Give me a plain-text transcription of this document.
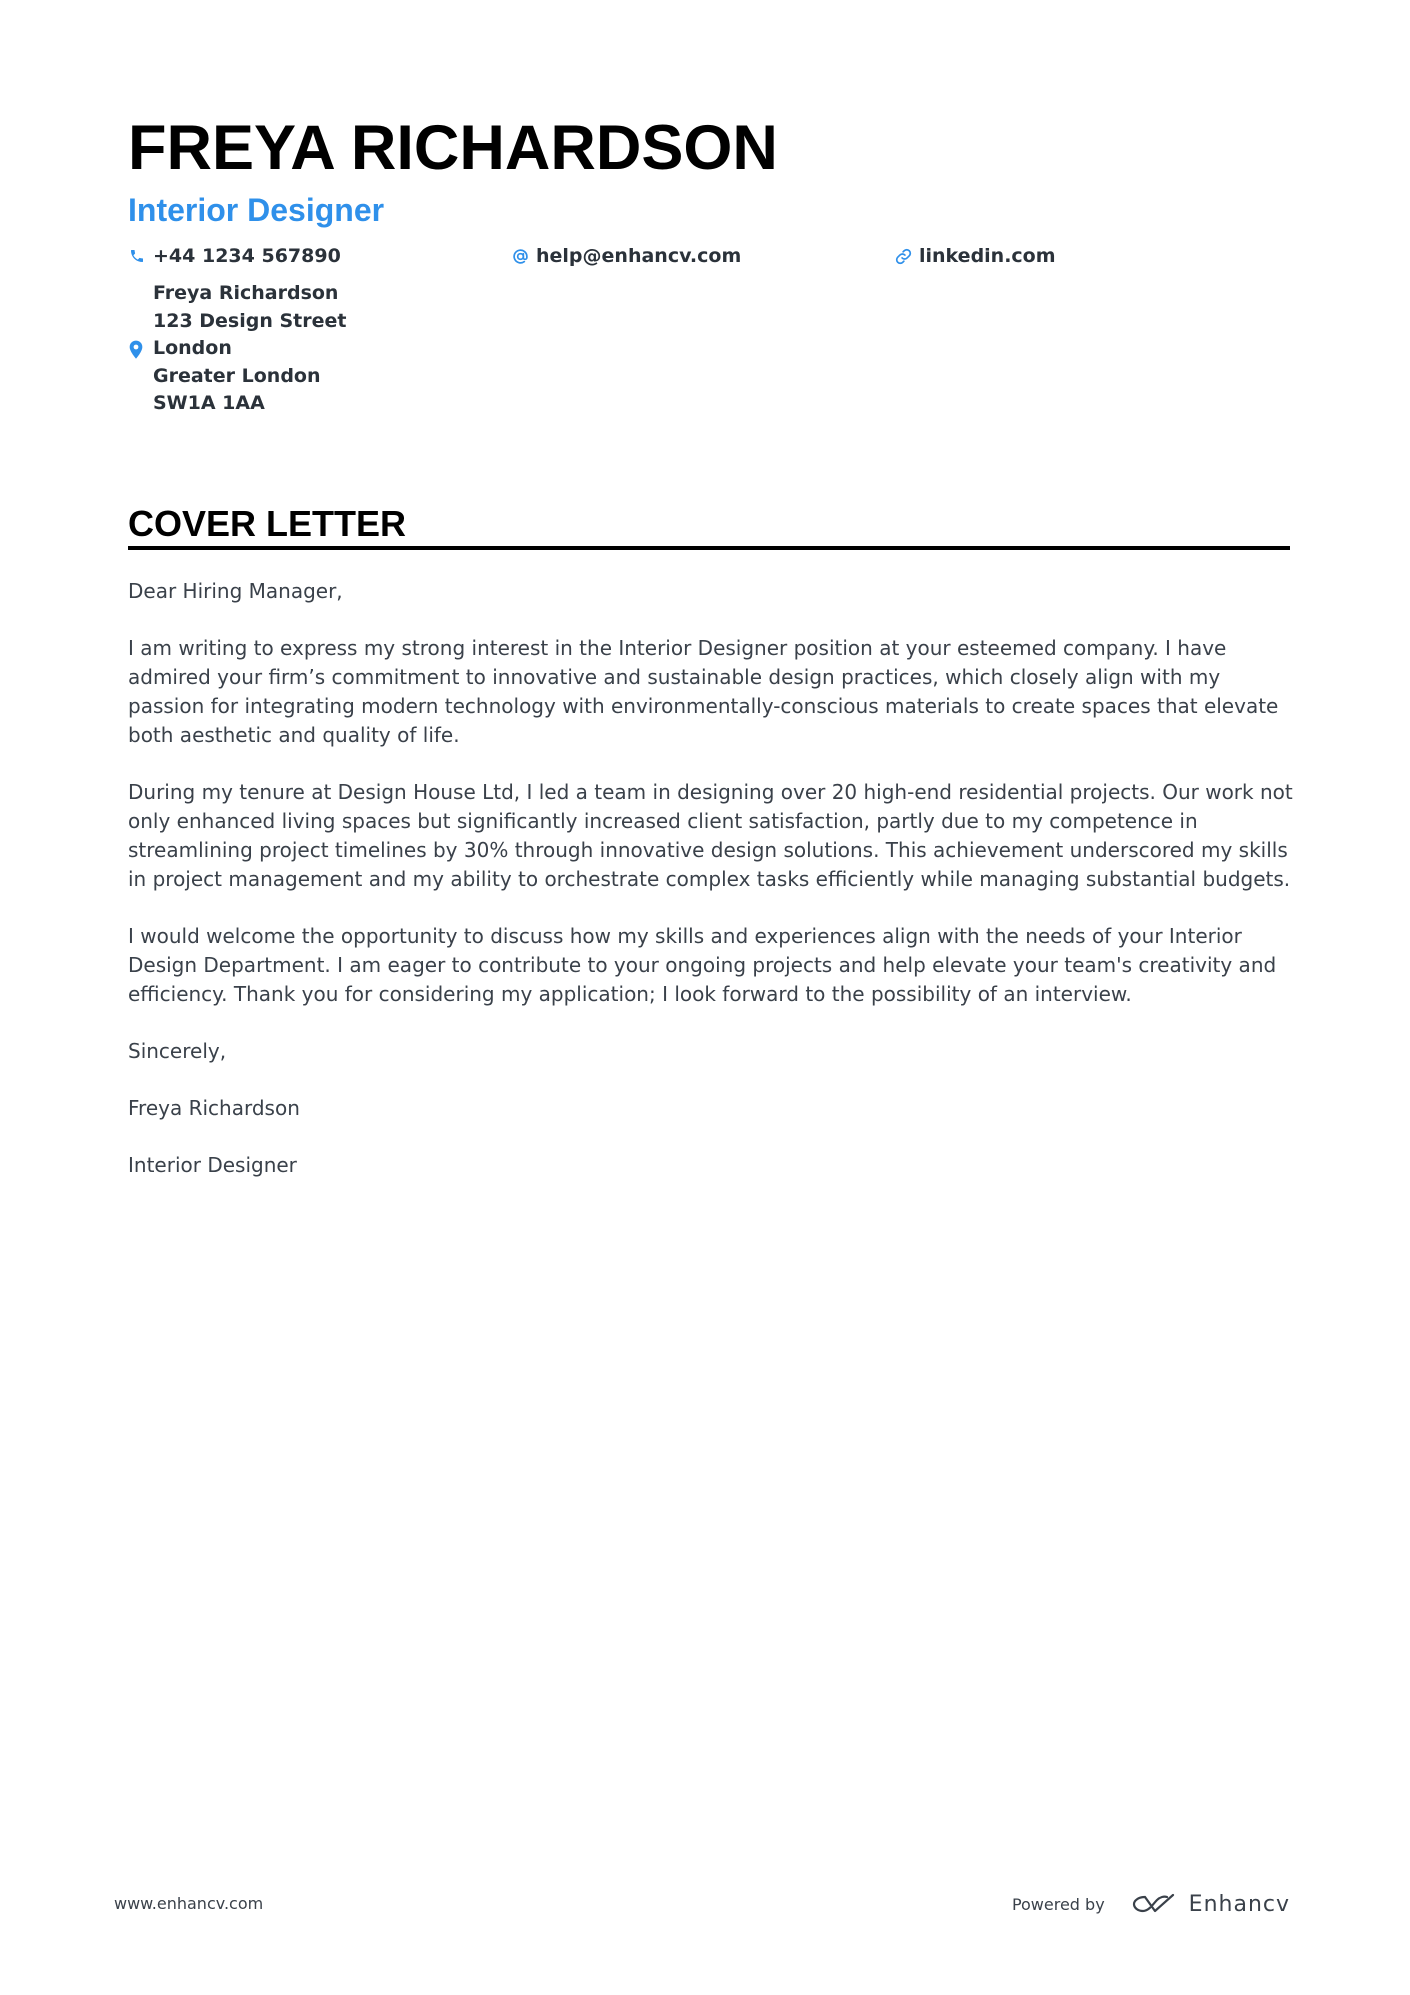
FREYA RICHARDSON
Interior Designer
+44 1234 567890	help@enhancv.com	linkedin.com
Freya Richardson
123 Design Street
London
Greater London
SW1A 1AA
COVER LETTER

Dear Hiring Manager,

I am writing to express my strong interest in the Interior Designer position at your esteemed company. I have admired your firm’s commitment to innovative and sustainable design practices, which closely align with my passion for integrating modern technology with environmentally-conscious materials to create spaces that elevate both aesthetic and quality of life.

During my tenure at Design House Ltd, I led a team in designing over 20 high-end residential projects. Our work not only enhanced living spaces but significantly increased client satisfaction, partly due to my competence in streamlining project timelines by 30% through innovative design solutions. This achievement underscored my skills in project management and my ability to orchestrate complex tasks efficiently while managing substantial budgets.

I would welcome the opportunity to discuss how my skills and experiences align with the needs of your Interior Design Department. I am eager to contribute to your ongoing projects and help elevate your team's creativity and efficiency. Thank you for considering my application; I look forward to the possibility of an interview.

Sincerely,

Freya Richardson

Interior Designer

www.enhancv.com	Powered by	Enhancv
